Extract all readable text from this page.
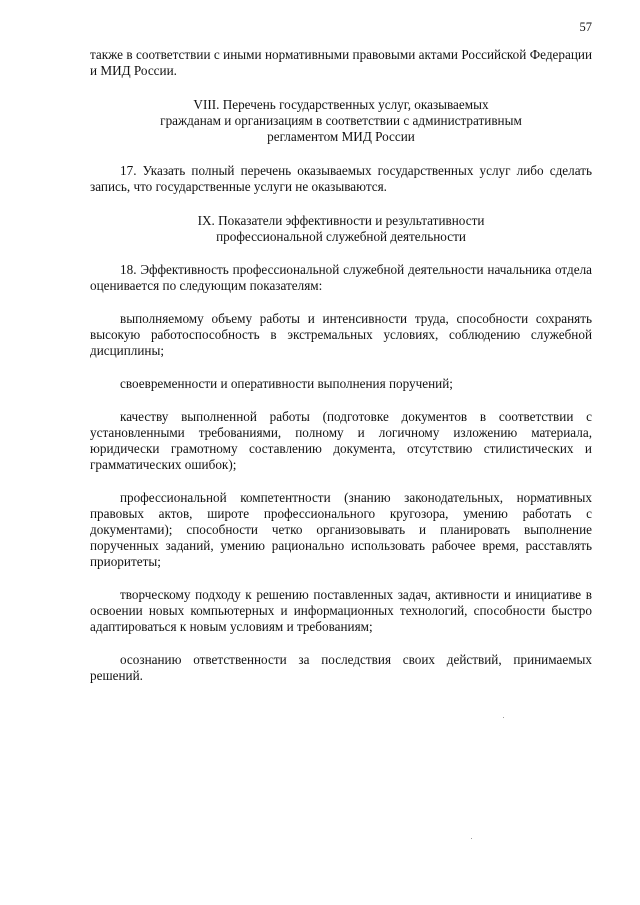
57

также в соответствии с иными нормативными правовыми актами Российской Федерации и МИД России.

VIII. Перечень государственных услуг, оказываемых
гражданам и организациям в соответствии с административным
регламентом МИД России

17. Указать полный перечень оказываемых государственных услуг либо сделать запись, что государственные услуги не оказываются.

IX. Показатели эффективности и результативности
профессиональной служебной деятельности

18. Эффективность профессиональной служебной деятельности начальника отдела оценивается по следующим показателям:

выполняемому объему работы и интенсивности труда, способности сохранять высокую работоспособность в экстремальных условиях, соблюдению служебной дисциплины;

своевременности и оперативности выполнения поручений;

качеству выполненной работы (подготовке документов в соответствии с установленными требованиями, полному и логичному изложению материала, юридически грамотному составлению документа, отсутствию стилистических и грамматических ошибок);

профессиональной компетентности (знанию законодательных, нормативных правовых актов, широте профессионального кругозора, умению работать с документами); способности четко организовывать и планировать выполнение порученных заданий, умению рационально использовать рабочее время, расставлять приоритеты;

творческому подходу к решению поставленных задач, активности и инициативе в освоении новых компьютерных и информационных технологий, способности быстро адаптироваться к новым условиям и требованиям;

осознанию ответственности за последствия своих действий, принимаемых решений.
